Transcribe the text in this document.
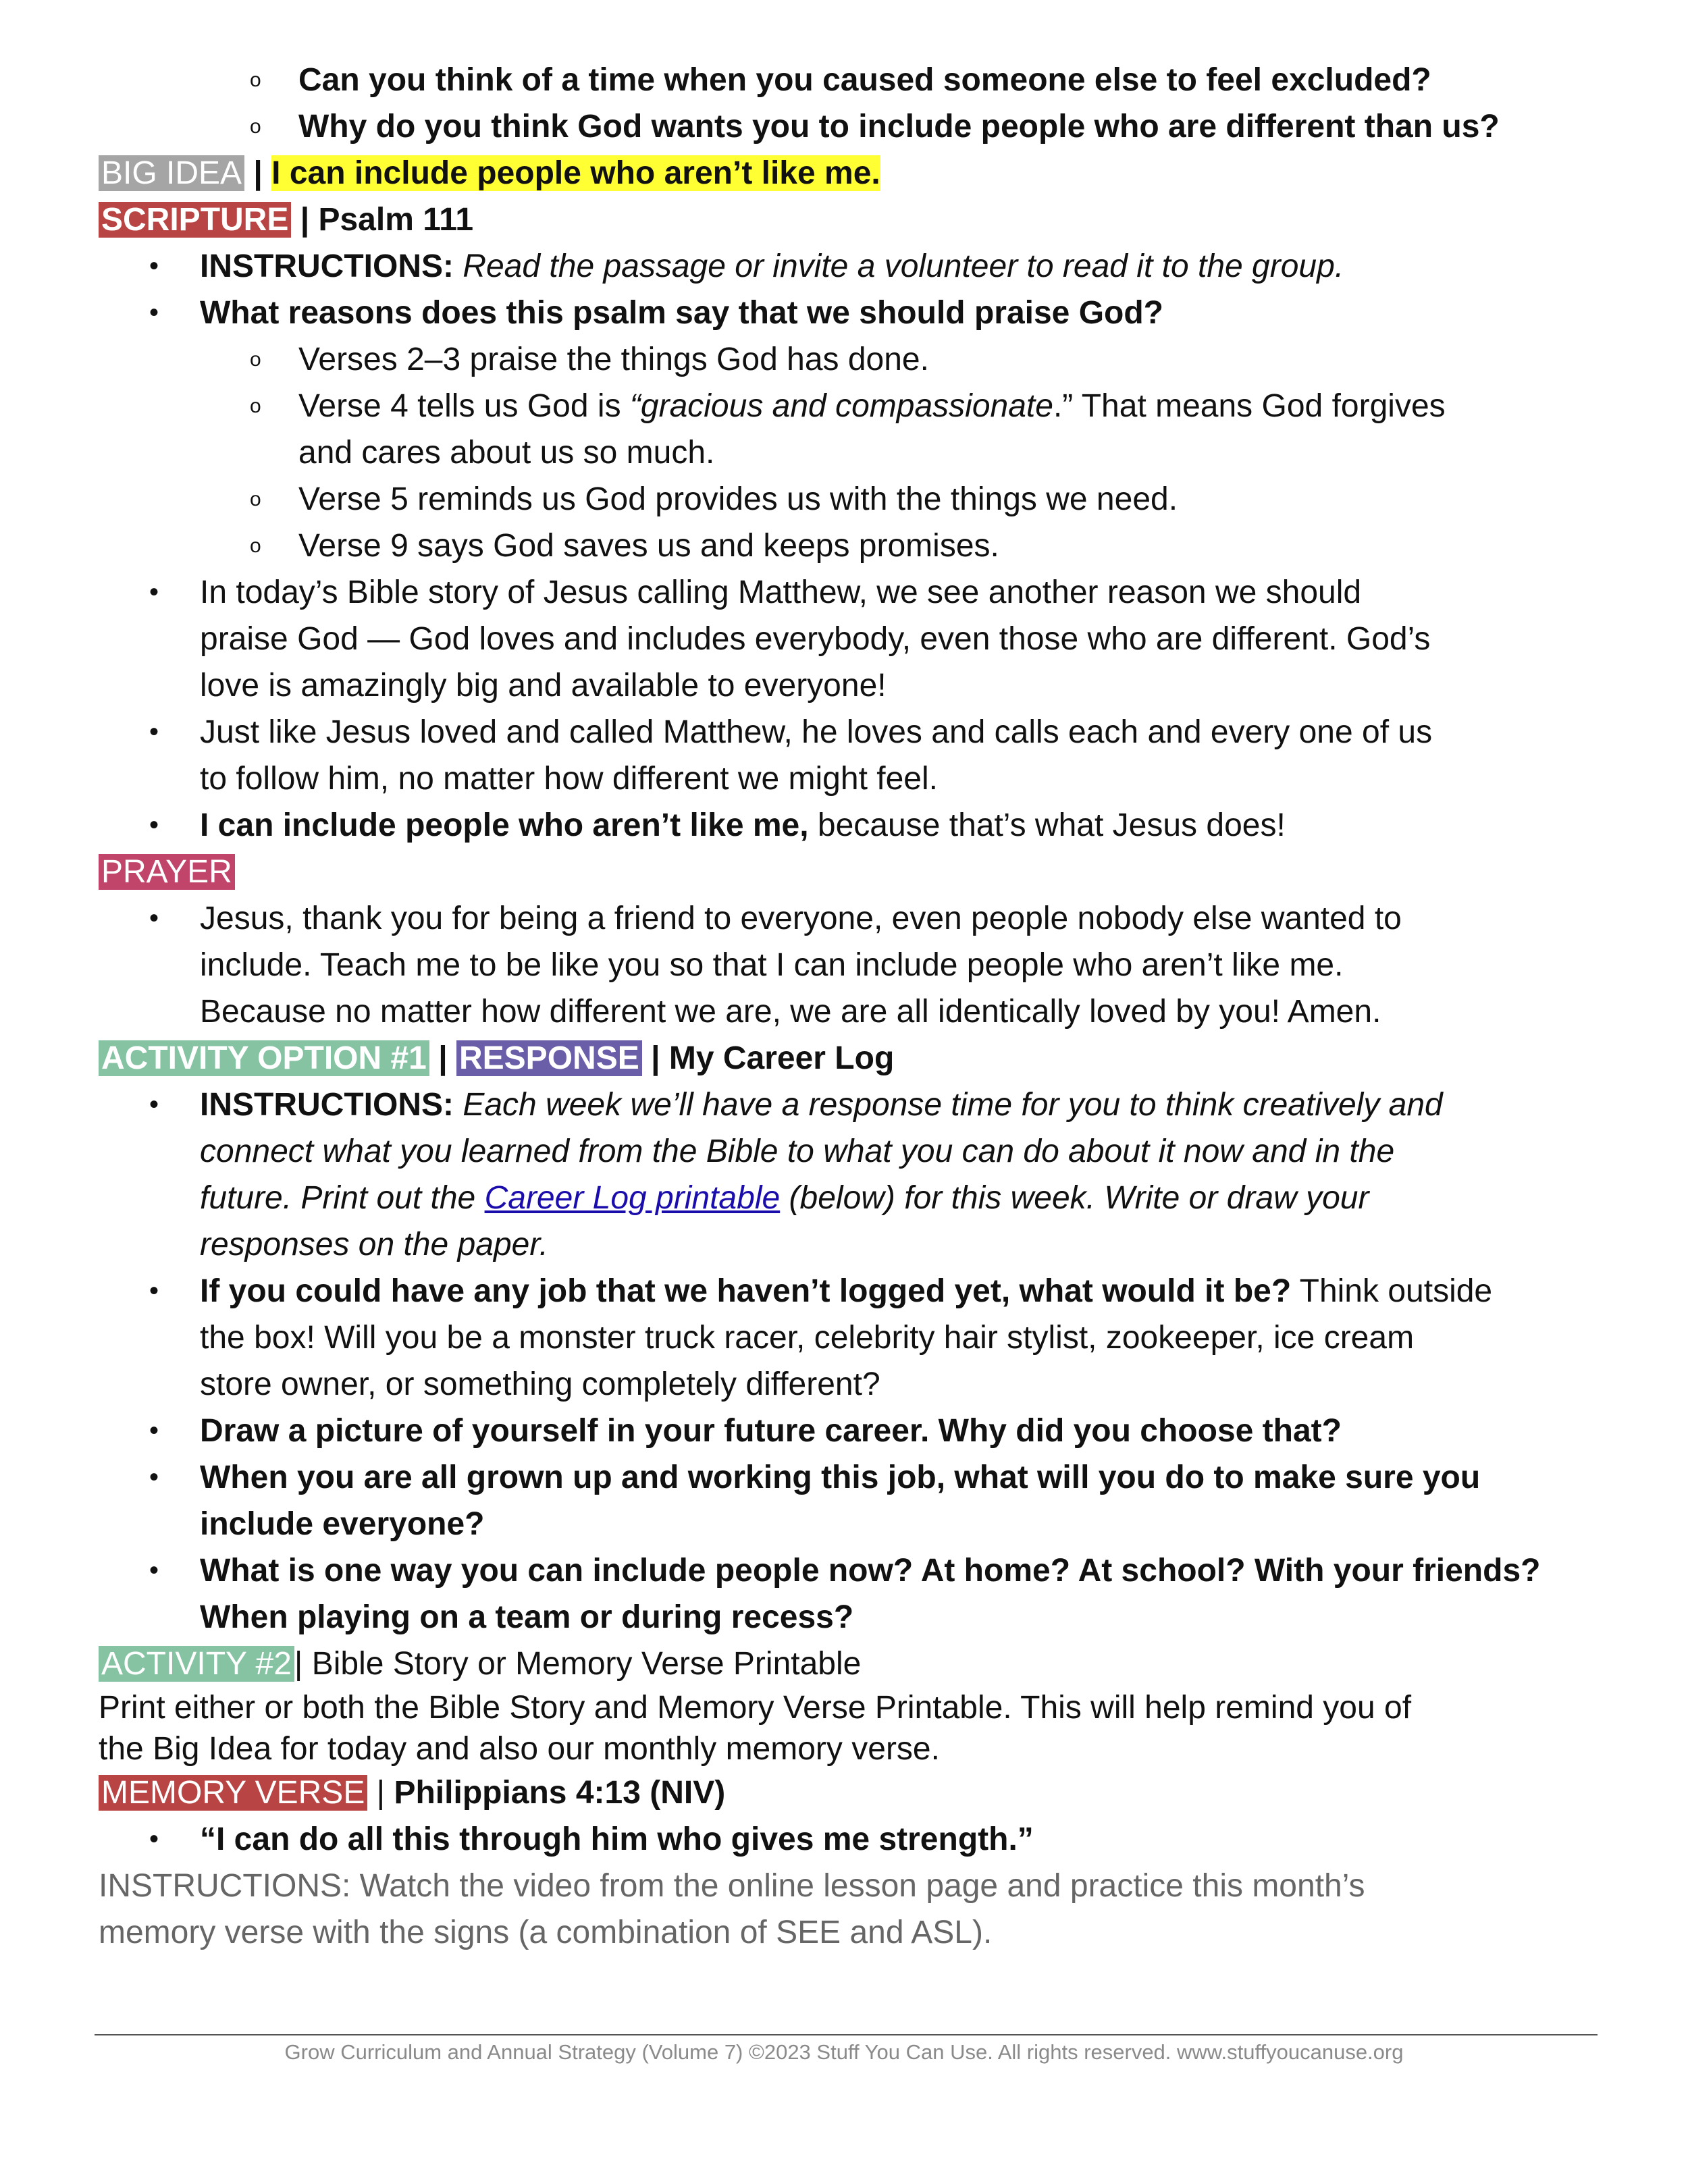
o Can you think of a time when you caused someone else to feel excluded?
o Why do you think God wants you to include people who are different than us?
BIG IDEA | I can include people who aren’t like me.
SCRIPTURE | Psalm 111
• INSTRUCTIONS: Read the passage or invite a volunteer to read it to the group.
• What reasons does this psalm say that we should praise God?
o Verses 2–3 praise the things God has done.
o Verse 4 tells us God is “gracious and compassionate.” That means God forgives
and cares about us so much.
o Verse 5 reminds us God provides us with the things we need.
o Verse 9 says God saves us and keeps promises.
• In today’s Bible story of Jesus calling Matthew, we see another reason we should
praise God — God loves and includes everybody, even those who are different. God’s
love is amazingly big and available to everyone!
• Just like Jesus loved and called Matthew, he loves and calls each and every one of us
to follow him, no matter how different we might feel.
• I can include people who aren’t like me, because that’s what Jesus does!
PRAYER
• Jesus, thank you for being a friend to everyone, even people nobody else wanted to
include. Teach me to be like you so that I can include people who aren’t like me.
Because no matter how different we are, we are all identically loved by you! Amen.
ACTIVITY OPTION #1 | RESPONSE | My Career Log
• INSTRUCTIONS: Each week we’ll have a response time for you to think creatively and
connect what you learned from the Bible to what you can do about it now and in the
future. Print out the Career Log printable (below) for this week. Write or draw your
responses on the paper.
• If you could have any job that we haven’t logged yet, what would it be? Think outside
the box! Will you be a monster truck racer, celebrity hair stylist, zookeeper, ice cream
store owner, or something completely different?
• Draw a picture of yourself in your future career. Why did you choose that?
• When you are all grown up and working this job, what will you do to make sure you
include everyone?
• What is one way you can include people now? At home? At school? With your friends?
When playing on a team or during recess?
ACTIVITY #2| Bible Story or Memory Verse Printable
Print either or both the Bible Story and Memory Verse Printable. This will help remind you of
the Big Idea for today and also our monthly memory verse.
MEMORY VERSE | Philippians 4:13 (NIV)
• “I can do all this through him who gives me strength.”
INSTRUCTIONS: Watch the video from the online lesson page and practice this month’s
memory verse with the signs (a combination of SEE and ASL).
Grow Curriculum and Annual Strategy (Volume 7) ©2023 Stuff You Can Use. All rights reserved. www.stuffyoucanuse.org
